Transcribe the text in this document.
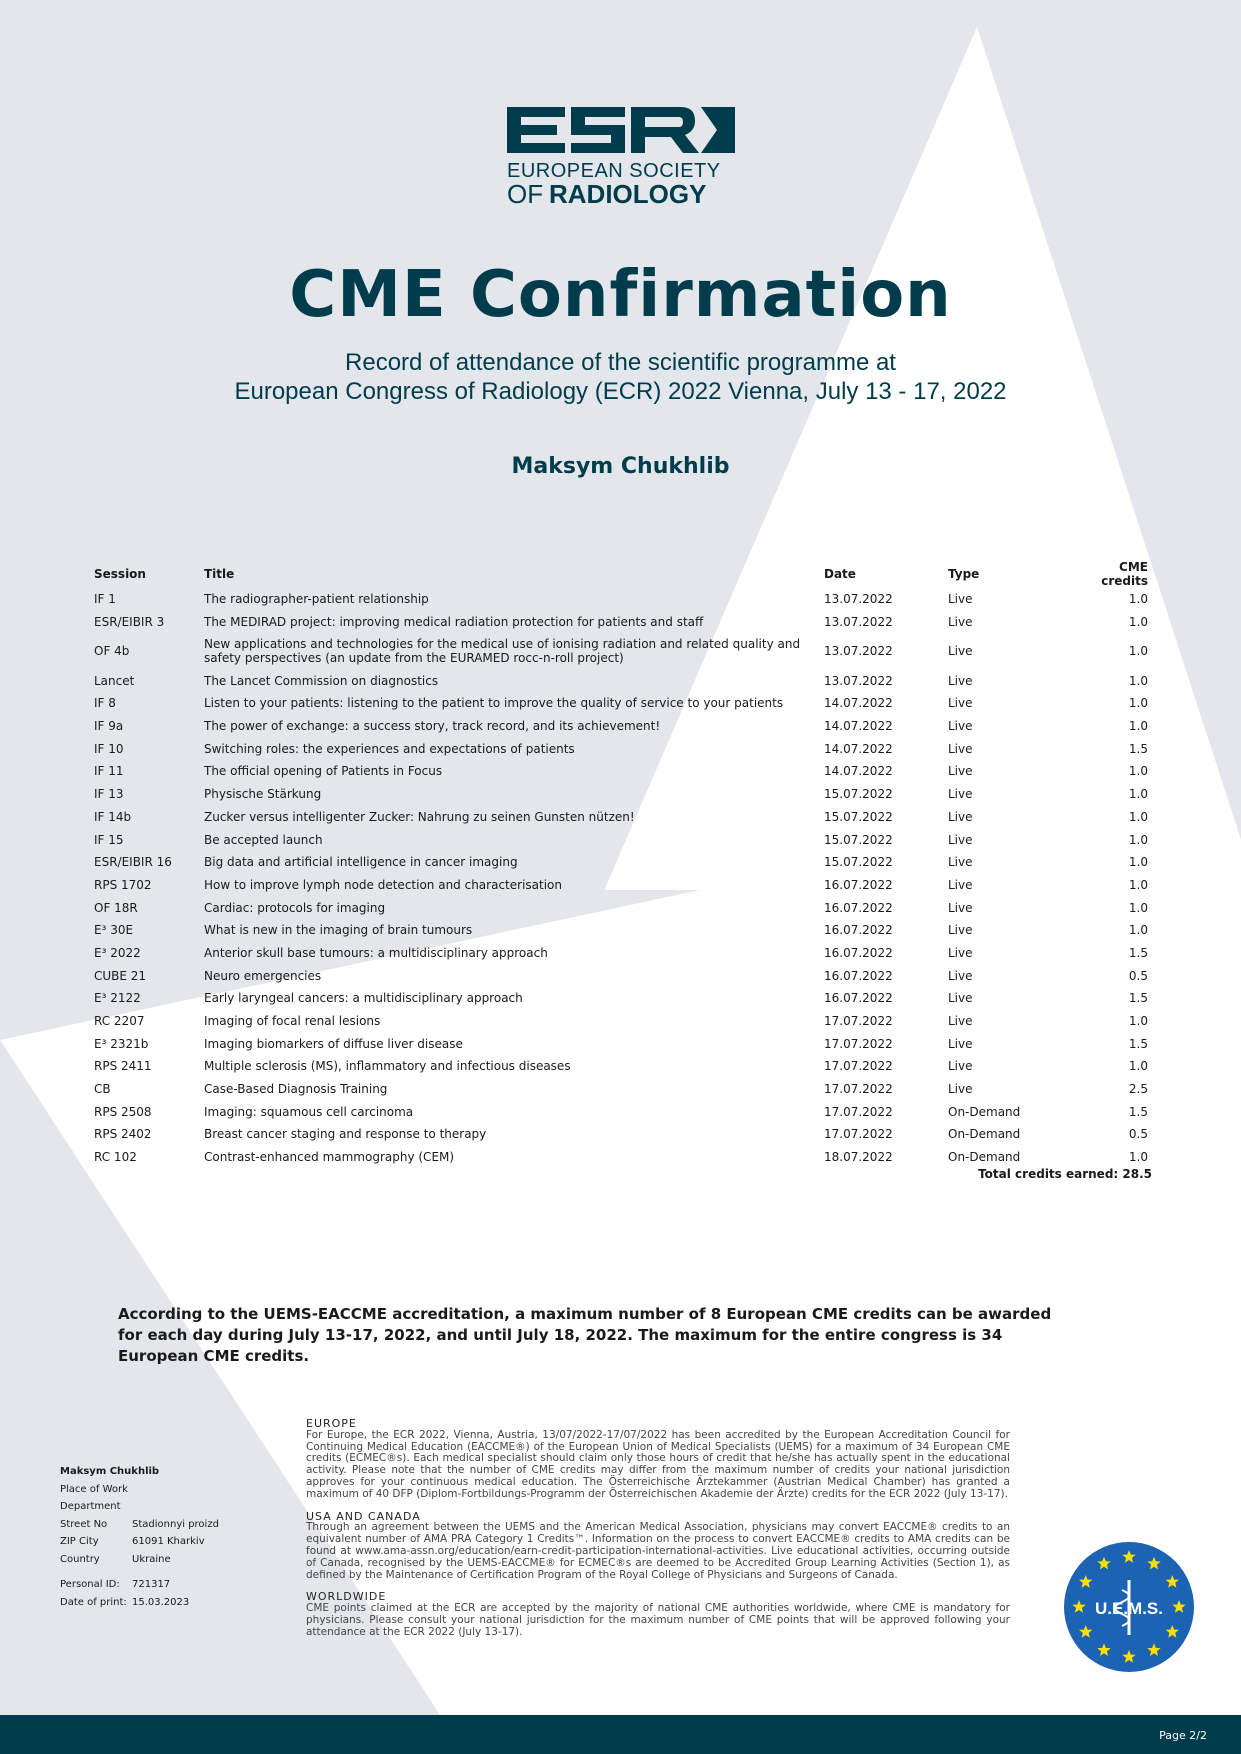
EUROPEAN SOCIETY
OF RADIOLOGY
CME Confirmation
Record of attendance of the scientific programme at
European Congress of Radiology (ECR) 2022 Vienna, July 13 - 17, 2022
Maksym Chukhlib
Session	Title	Date	Type	CME credits
IF 1	The radiographer-patient relationship	13.07.2022	Live	1.0
ESR/EIBIR 3	The MEDIRAD project: improving medical radiation protection for patients and staff	13.07.2022	Live	1.0
OF 4b	New applications and technologies for the medical use of ionising radiation and related quality and safety perspectives (an update from the EURAMED rocc-n-roll project)	13.07.2022	Live	1.0
Lancet	The Lancet Commission on diagnostics	13.07.2022	Live	1.0
IF 8	Listen to your patients: listening to the patient to improve the quality of service to your patients	14.07.2022	Live	1.0
IF 9a	The power of exchange: a success story, track record, and its achievement!	14.07.2022	Live	1.0
IF 10	Switching roles: the experiences and expectations of patients	14.07.2022	Live	1.5
IF 11	The official opening of Patients in Focus	14.07.2022	Live	1.0
IF 13	Physische Stärkung	15.07.2022	Live	1.0
IF 14b	Zucker versus intelligenter Zucker: Nahrung zu seinen Gunsten nützen!	15.07.2022	Live	1.0
IF 15	Be accepted launch	15.07.2022	Live	1.0
ESR/EIBIR 16	Big data and artificial intelligence in cancer imaging	15.07.2022	Live	1.0
RPS 1702	How to improve lymph node detection and characterisation	16.07.2022	Live	1.0
OF 18R	Cardiac: protocols for imaging	16.07.2022	Live	1.0
E³ 30E	What is new in the imaging of brain tumours	16.07.2022	Live	1.0
E³ 2022	Anterior skull base tumours: a multidisciplinary approach	16.07.2022	Live	1.5
CUBE 21	Neuro emergencies	16.07.2022	Live	0.5
E³ 2122	Early laryngeal cancers: a multidisciplinary approach	16.07.2022	Live	1.5
RC 2207	Imaging of focal renal lesions	17.07.2022	Live	1.0
E³ 2321b	Imaging biomarkers of diffuse liver disease	17.07.2022	Live	1.5
RPS 2411	Multiple sclerosis (MS), inflammatory and infectious diseases	17.07.2022	Live	1.0
CB	Case-Based Diagnosis Training	17.07.2022	Live	2.5
RPS 2508	Imaging: squamous cell carcinoma	17.07.2022	On-Demand	1.5
RPS 2402	Breast cancer staging and response to therapy	17.07.2022	On-Demand	0.5
RC 102	Contrast-enhanced mammography (CEM)	18.07.2022	On-Demand	1.0
Total credits earned: 28.5
According to the UEMS-EACCME accreditation, a maximum number of 8 European CME credits can be awarded for each day during July 13-17, 2022, and until July 18, 2022. The maximum for the entire congress is 34 European CME credits.
Maksym Chukhlib
Place of Work
Department
Street No	Stadionnyi proizd
ZIP City	61091 Kharkiv
Country	Ukraine
Personal ID:	721317
Date of print: 15.03.2023
EUROPE

For Europe, the ECR 2022, Vienna, Austria, 13/07/2022-17/07/2022 has been accredited by the European Accreditation Council for Continuing Medical Education (EACCME®) of the European Union of Medical Specialists (UEMS) for a maximum of 34 European CME credits (ECMEC®s). Each medical specialist should claim only those hours of credit that he/she has actually spent in the educational activity. Please note that the number of CME credits may differ from the maximum number of credits your national jurisdiction approves for your continuous medical education. The Österreichische Ärztekammer (Austrian Medical Chamber) has granted a maximum of 40 DFP (Diplom-Fortbildungs-Programm der Österreichischen Akademie der Ärzte) credits for the ECR 2022 (July 13-17).

USA AND CANADA

Through an agreement between the UEMS and the American Medical Association, physicians may convert EACCME® credits to an equivalent number of AMA PRA Category 1 Credits™. Information on the process to convert EACCME® credits to AMA credits can be found at www.ama-assn.org/education/earn-credit-participation-international-activities. Live educational activities, occurring outside of Canada, recognised by the UEMS-EACCME® for ECMEC®s are deemed to be Accredited Group Learning Activities (Section 1), as defined by the Maintenance of Certification Program of the Royal College of Physicians and Surgeons of Canada.

WORLDWIDE

CME points claimed at the ECR are accepted by the majority of national CME authorities worldwide, where CME is mandatory for physicians. Please consult your national jurisdiction for the maximum number of CME points that will be approved following your attendance at the ECR 2022 (July 13-17).

U.E.M.S.
Page 2/2
